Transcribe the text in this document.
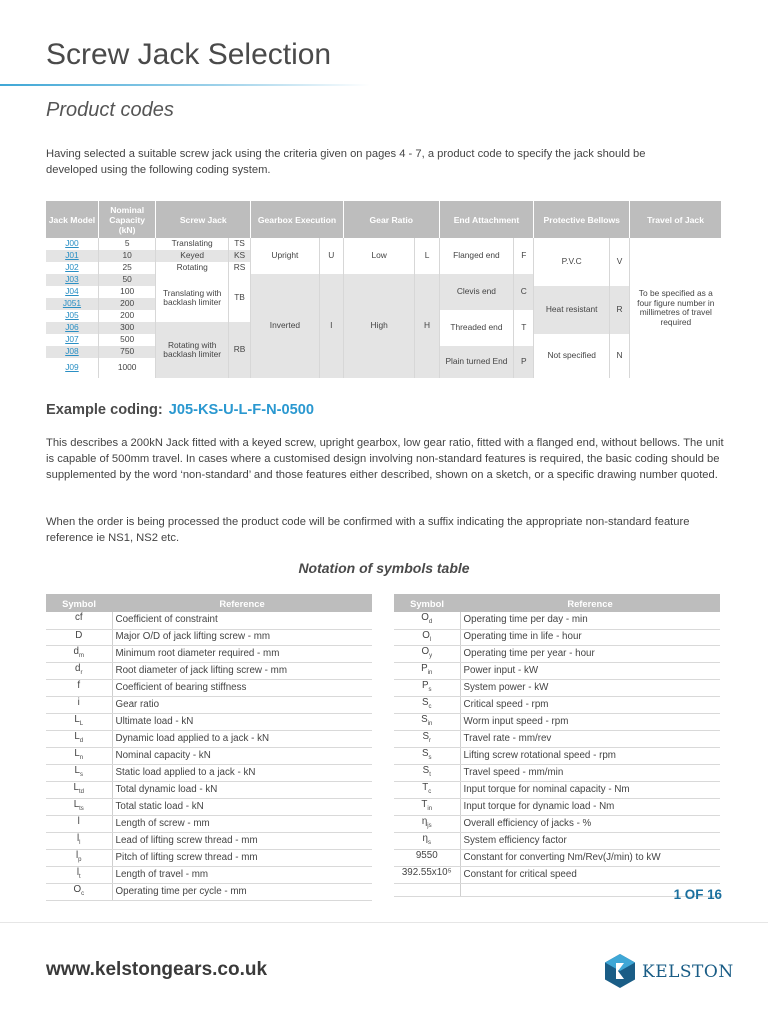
Screw Jack Selection
Product codes
Having selected a suitable screw jack using the criteria given on pages 4 - 7, a product code to specify the jack should be developed using the following coding system.
Jack Model	Nominal Capacity (kN)	Screw Jack		Gearbox Execution		Gear Ratio		End Attachment		Protective Bellows		Travel of Jack
J00	5	Translating	TS	Upright	U	Low	L	Flanged end	F	P.V.C	V	To be specified as a four figure number in millimetres of travel required
J01	10	Keyed	KS									
J02	25	Rotating	RS									
J03	50	Translating with backlash limiter	TB	Inverted	I	High	H	Clevis end	C			
J04	100									Heat resistant	R	
J051	200											
J05	200							Threaded end	T			
J06	300	Rotating with backlash limiter	RB									
J07	500									Not specified	N	
J08	750							Plain turned End	P			
J09	1000											
Example coding: J05-KS-U-L-F-N-0500
This describes a 200kN Jack fitted with a keyed screw, upright gearbox, low gear ratio, fitted with a flanged end, without bellows. The unit is capable of 500mm travel. In cases where a customised design involving non-standard features is required, the basic coding should be supplemented by the word ‘non-standard’ and those features either described, shown on a sketch, or a specific drawing number quoted.
When the order is being processed the product code will be confirmed with a suffix indicating the appropriate non-standard feature reference ie NS1, NS2 etc.
Notation of symbols table
Symbol	Reference
cf	Coefficient of constraint
D	Major O/D of jack lifting screw - mm
$d_m$	Minimum root diameter required - mm
$d_r$	Root diameter of jack lifting screw - mm
f	Coefficient of bearing stiffness
i	Gear ratio
$L_L$	Ultimate load - kN
$L_d$	Dynamic load applied to a jack - kN
$L_n$	Nominal capacity - kN
$L_s$	Static load applied to a jack - kN
$L_{td}$	Total dynamic load - kN
$L_{ts}$	Total static load - kN
l	Length of screw - mm
$l_l$	Lead of lifting screw thread - mm
$l_p$	Pitch of lifting screw thread - mm
$l_t$	Length of travel - mm
$O_c$	Operating time per cycle - mm
Symbol	Reference
$O_d$	Operating time per day - min
$O_l$	Operating time in life - hour
$O_y$	Operating time per year - hour
$P_{in}$	Power input - kW
$P_s$	System power - kW
$S_c$	Critical speed - rpm
$S_{in}$	Worm input speed - rpm
$S_r$	Travel rate - mm/rev
$S_s$	Lifting screw rotational speed - rpm
$S_t$	Travel speed - mm/min
$T_c$	Input torque for nominal capacity - Nm
$T_{in}$	Input torque for dynamic load - Nm
$\eta_{js}$	Overall efficiency of jacks - %
$\eta_s$	System efficiency factor
9550	Constant for converting Nm/Rev(J/min) to kW
392.55x10⁵	Constant for critical speed

1 OF 16
www.kelstongears.co.uk	KELSTON
